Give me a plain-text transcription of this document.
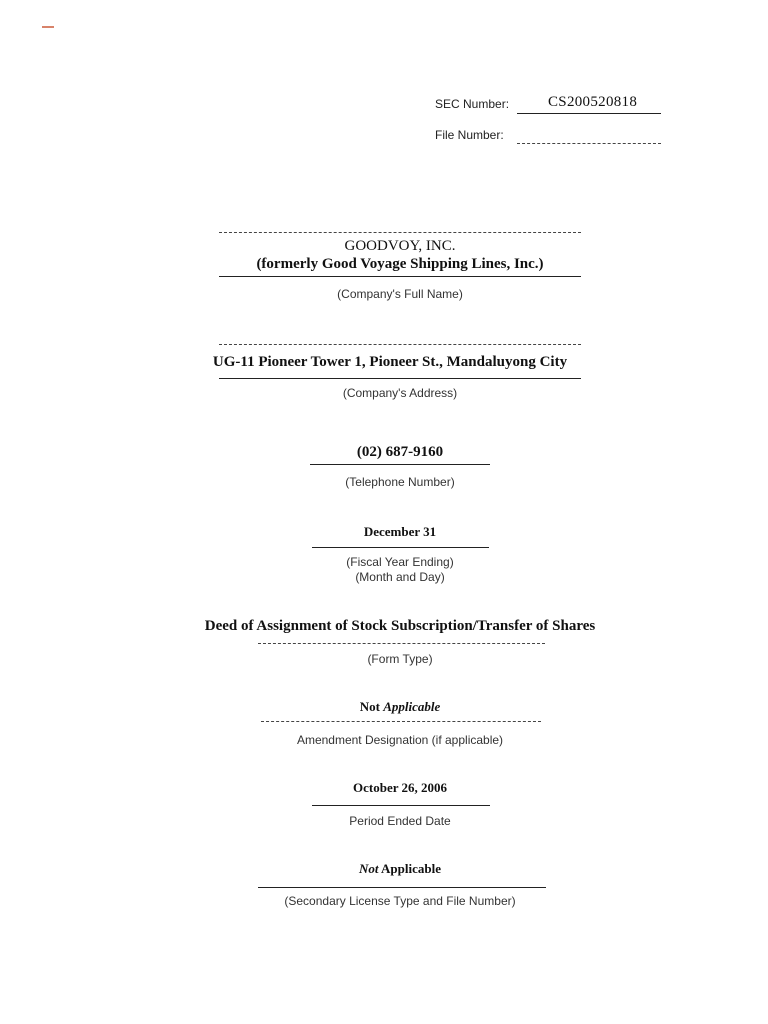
SEC Number:	CS200520818
File Number:
GOODVOY, INC.
(formerly Good Voyage Shipping Lines, Inc.)
(Company's Full Name)
UG-11 Pioneer Tower 1, Pioneer St., Mandaluyong City
(Company's Address)
(02) 687-9160
(Telephone Number)
December 31
(Fiscal Year Ending)
(Month and Day)
Deed of Assignment of Stock Subscription/Transfer of Shares
(Form Type)
Not Applicable
Amendment Designation (if applicable)
October 26, 2006
Period Ended Date
Not Applicable
(Secondary License Type and File Number)
